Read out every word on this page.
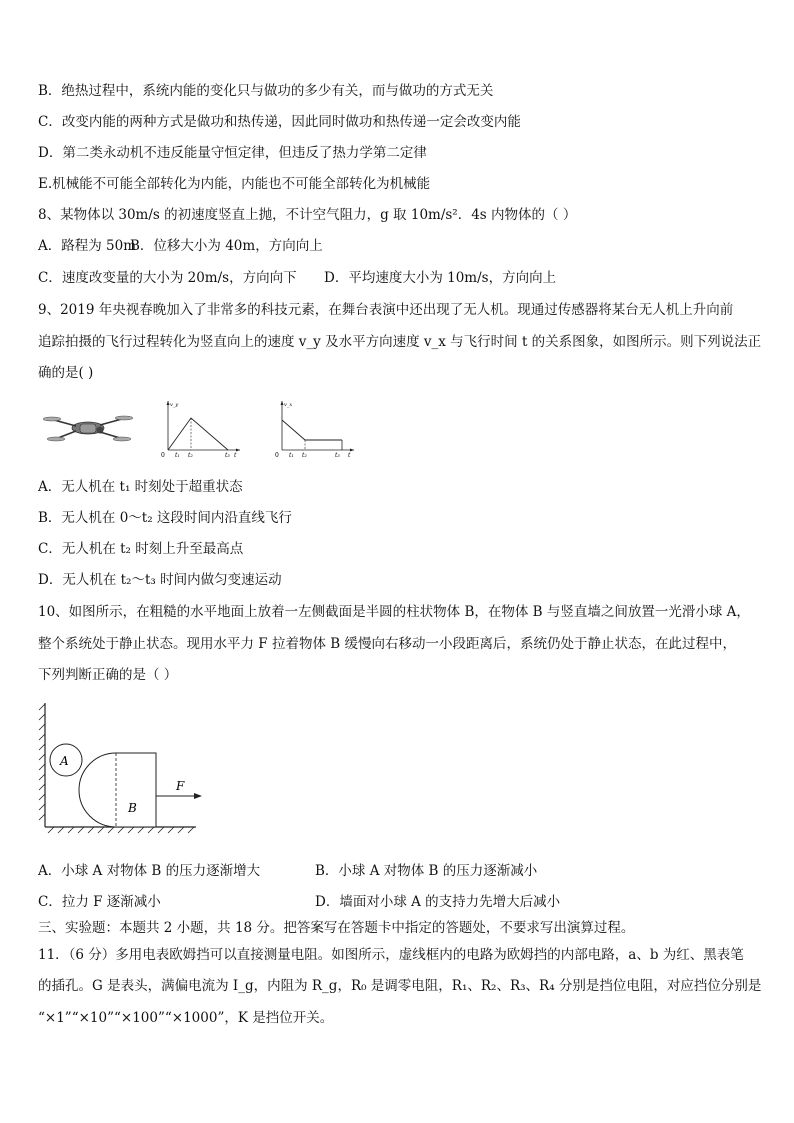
B．绝热过程中，系统内能的变化只与做功的多少有关，而与做功的方式无关
C．改变内能的两种方式是做功和热传递，因此同时做功和热传递一定会改变内能
D．第二类永动机不违反能量守恒定律，但违反了热力学第二定律
E.机械能不可能全部转化为内能，内能也不可能全部转化为机械能
8、某物体以 30m/s 的初速度竖直上抛，不计空气阻力，g 取 10m/s²．4s 内物体的（ ）
A．路程为 50m
B．位移大小为 40m，方向向上
C．速度改变量的大小为 20m/s，方向向下 D．平均速度大小为 10m/s，方向向上
9、2019 年央视春晚加入了非常多的科技元素，在舞台表演中还出现了无人机。现通过传感器将某台无人机上升向前
追踪拍摄的飞行过程转化为竖直向上的速度 v_y 及水平方向速度 v_x 与飞行时间 t 的关系图象，如图所示。则下列说法正
确的是( )
v_y
t
0 t₁ t₂	t₃
v_x
t
0 t₁ t₂	t₃
A．无人机在 t₁ 时刻处于超重状态
B．无人机在 0～t₂ 这段时间内沿直线飞行
C．无人机在 t₂ 时刻上升至最高点
D．无人机在 t₂～t₃ 时间内做匀变速运动
10、如图所示，在粗糙的水平地面上放着一左侧截面是半圆的柱状物体 B，在物体 B 与竖直墙之间放置一光滑小球 A，
整个系统处于静止状态。现用水平力 F 拉着物体 B 缓慢向右移动一小段距离后，系统仍处于静止状态，在此过程中，
下列判断正确的是（ ）
A
B
F
A．小球 A 对物体 B 的压力逐渐增大	B．小球 A 对物体 B 的压力逐渐减小
C．拉力 F 逐渐减小	D．墙面对小球 A 的支持力先增大后减小
三、实验题：本题共 2 小题，共 18 分。把答案写在答题卡中指定的答题处，不要求写出演算过程。
11．（6 分）多用电表欧姆挡可以直接测量电阻。如图所示，虚线框内的电路为欧姆挡的内部电路，a、b 为红、黑表笔
的插孔。G 是表头，满偏电流为 I_g，内阻为 R_g，R₀ 是调零电阻，R₁、R₂、R₃、R₄ 分别是挡位电阻，对应挡位分别是
“×1”“×10”“×100”“×1000”，K 是挡位开关。
